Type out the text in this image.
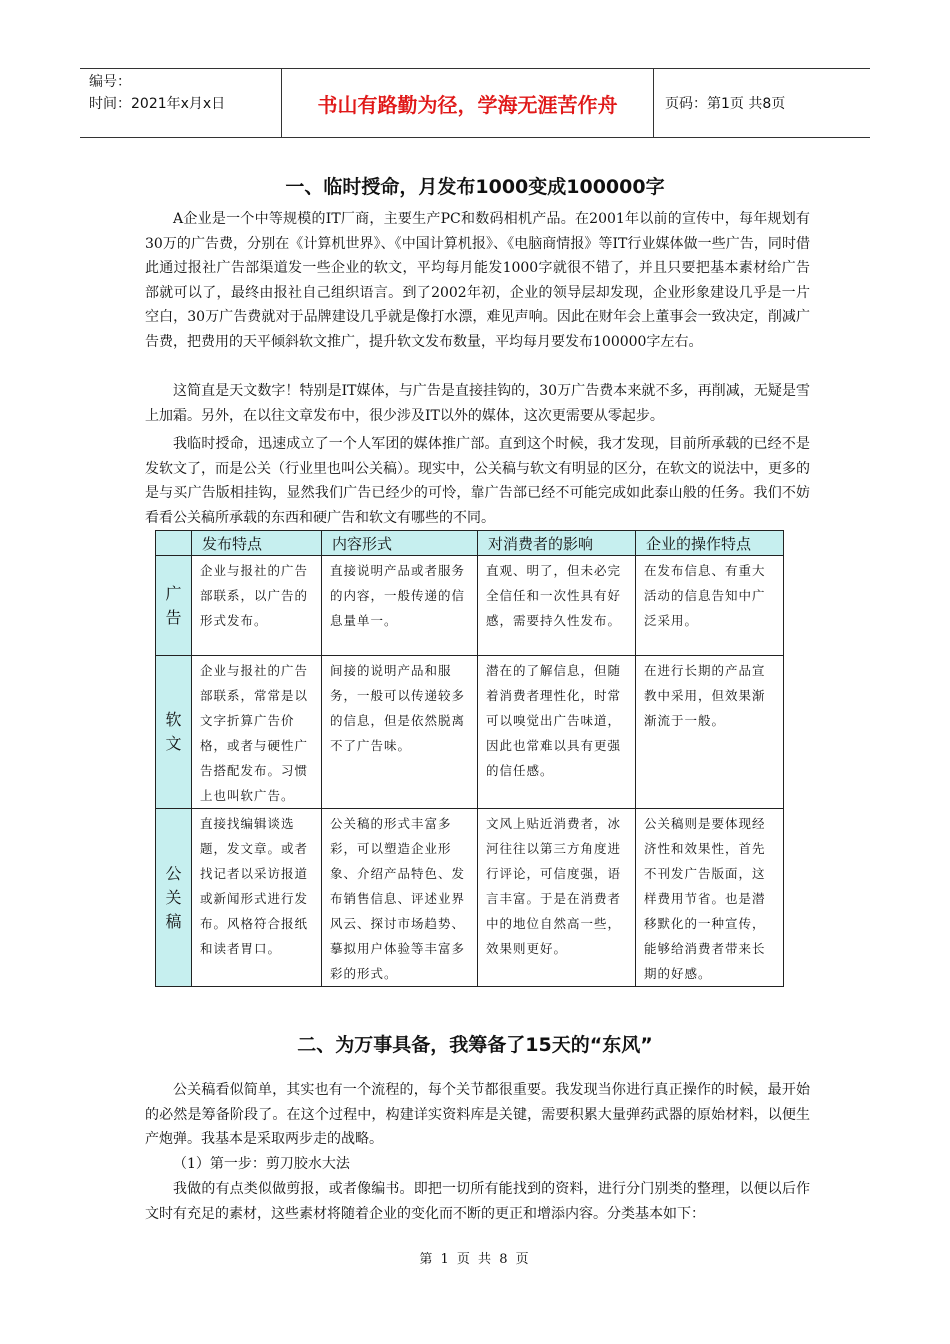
编号：
时间：2021年x月x日	书山有路勤为径，学海无涯苦作舟	页码：第1页 共8页
一、临时授命，月发布1000变成100000字

A企业是一个中等规模的IT厂商，主要生产PC和数码相机产品。在2001年以前的宣传中，每年规划有30万的广告费，分别在《计算机世界》、《中国计算机报》、《电脑商情报》等IT行业媒体做一些广告，同时借此通过报社广告部渠道发一些企业的软文，平均每月能发1000字就很不错了，并且只要把基本素材给广告部就可以了，最终由报社自己组织语言。到了2002年初，企业的领导层却发现，企业形象建设几乎是一片空白，30万广告费就对于品牌建设几乎就是像打水漂，难见声响。因此在财年会上董事会一致决定，削减广告费，把费用的天平倾斜软文推广，提升软文发布数量，平均每月要发布100000字左右。

这简直是天文数字！特别是IT媒体，与广告是直接挂钩的，30万广告费本来就不多，再削减，无疑是雪上加霜。另外，在以往文章发布中，很少涉及IT以外的媒体，这次更需要从零起步。

我临时授命，迅速成立了一个人军团的媒体推广部。直到这个时候，我才发现，目前所承载的已经不是发软文了，而是公关（行业里也叫公关稿）。现实中，公关稿与软文有明显的区分，在软文的说法中，更多的是与买广告版相挂钩，显然我们广告已经少的可怜，靠广告部已经不可能完成如此泰山般的任务。我们不妨看看公关稿所承载的东西和硬广告和软文有哪些的不同。

	发布特点	内容形式	对消费者的影响	企业的操作特点

广告	企业与报社的广告部联系，以广告的形式发布。	直接说明产品或者服务的内容，一般传递的信息量单一。	直观、明了，但未必完全信任和一次性具有好感，需要持久性发布。	在发布信息、有重大活动的信息告知中广泛采用。

软文	企业与报社的广告部联系，常常是以文字折算广告价格，或者与硬性广告搭配发布。习惯上也叫软广告。	间接的说明产品和服务，一般可以传递较多的信息，但是依然脱离不了广告味。	潜在的了解信息，但随着消费者理性化，时常可以嗅觉出广告味道，因此也常难以具有更强的信任感。	在进行长期的产品宣教中采用，但效果渐渐流于一般。

公关稿	直接找编辑谈选题，发文章。或者找记者以采访报道或新闻形式进行发布。风格符合报纸和读者胃口。	公关稿的形式丰富多彩，可以塑造企业形象、介绍产品特色、发布销售信息、评述业界风云、探讨市场趋势、摹拟用户体验等丰富多彩的形式。	文风上贴近消费者，冰河往往以第三方角度进行评论，可信度强，语言丰富。于是在消费者中的地位自然高一些，效果则更好。	公关稿则是要体现经济性和效果性，首先不刊发广告版面，这样费用节省。也是潜移默化的一种宣传，能够给消费者带来长期的好感。
二、为万事具备，我筹备了15天的“东风”

公关稿看似简单，其实也有一个流程的，每个关节都很重要。我发现当你进行真正操作的时候，最开始的必然是筹备阶段了。在这个过程中，构建详实资料库是关键，需要积累大量弹药武器的原始材料，以便生产炮弹。我基本是采取两步走的战略。

（1）第一步：剪刀胶水大法

我做的有点类似做剪报，或者像编书。即把一切所有能找到的资料，进行分门别类的整理，以便以后作文时有充足的素材，这些素材将随着企业的变化而不断的更正和增添内容。分类基本如下：

第 1 页 共 8 页
